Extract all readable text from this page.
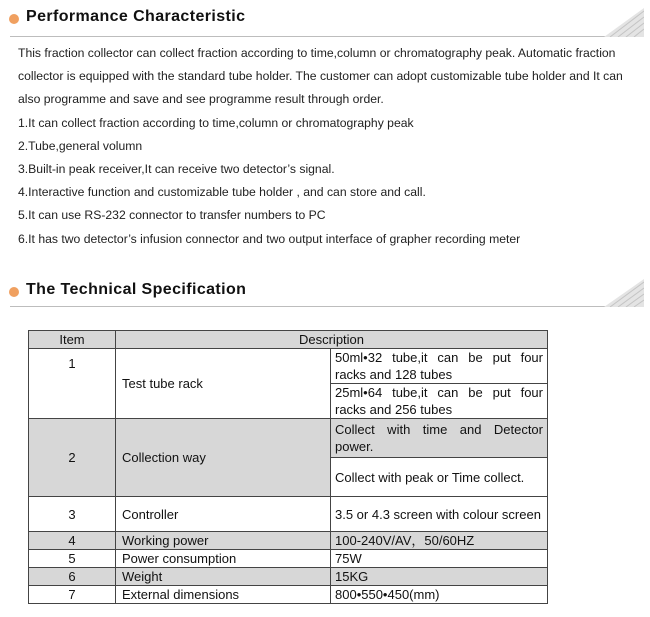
Performance Characteristic

This fraction collector can collect fraction according to time,column or chromatography peak. Automatic fraction

collector is equipped with the standard tube holder. The customer can adopt customizable tube holder and It can

also programme and save and see programme result through order.

1.It can collect fraction according to time,column or chromatography peak

2.Tube,general volumn

3.Built-in peak receiver,It can receive two detector’s signal.

4.Interactive function and customizable tube holder , and can store and call.

5.It can use RS-232 connector to transfer numbers to PC

6.It has two detector’s infusion connector and two output interface of grapher recording meter

The Technical Specification
Item	Description	
1	Test tube rack	50ml•32 tube,it can be put four racks and 128 tubes
		25ml•64 tube,it can be put four racks and 256 tubes
2	Collection way	Collect with time and Detector power.
		Collect with peak or Time collect.
3	Controller	3.5 or 4.3 screen with colour screen
4	Working power	100-240V/AV，50/60HZ
5	Power consumption	75W
6	Weight	15KG
7	External dimensions	800•550•450(mm)
